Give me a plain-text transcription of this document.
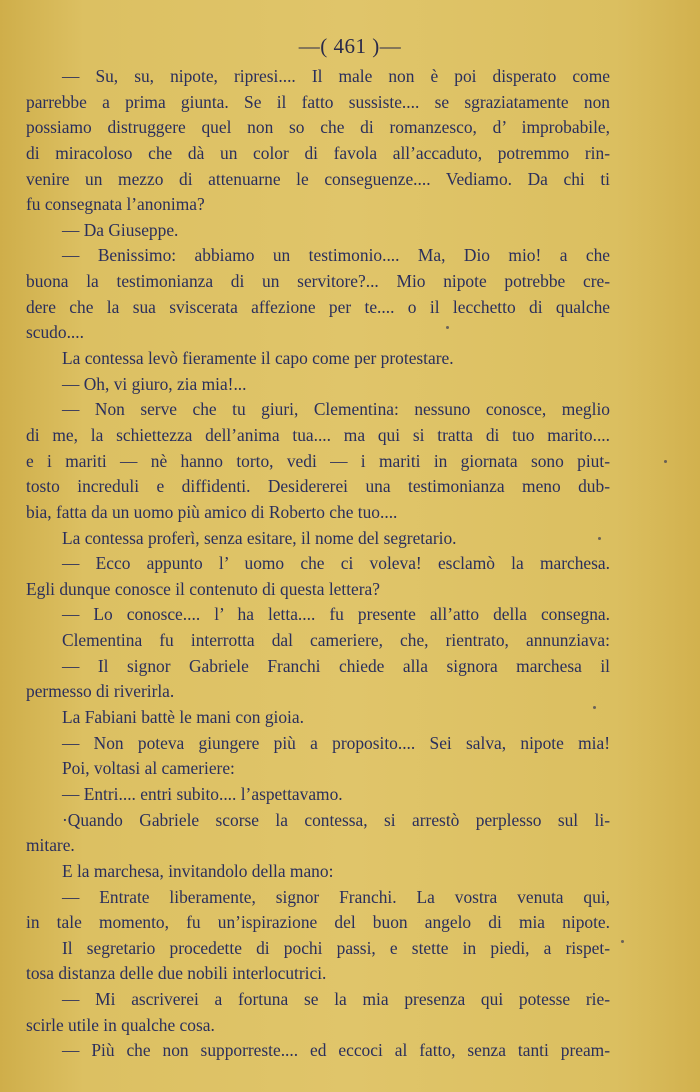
—( 461 )—
— Su, su, nipote, ripresi.... Il male non è poi disperato come
parrebbe a prima giunta. Se il fatto sussiste.... se sgraziatamente non
possiamo distruggere quel non so che di romanzesco, d’ improbabile,
di miracoloso che dà un color di favola all’accaduto, potremmo rin-
venire un mezzo di attenuarne le conseguenze.... Vediamo. Da chi ti
fu consegnata l’anonima?
— Da Giuseppe.
— Benissimo: abbiamo un testimonio.... Ma, Dio mio! a che
buona la testimonianza di un servitore?... Mio nipote potrebbe cre-
dere che la sua sviscerata affezione per te.... o il lecchetto di qualche
scudo....
La contessa levò fieramente il capo come per protestare.
— Oh, vi giuro, zia mia!...
— Non serve che tu giuri, Clementina: nessuno conosce, meglio
di me, la schiettezza dell’anima tua.... ma qui si tratta di tuo marito....
e i mariti — nè hanno torto, vedi — i mariti in giornata sono piut-
tosto increduli e diffidenti. Desidererei una testimonianza meno dub-
bia, fatta da un uomo più amico di Roberto che tuo....
La contessa proferì, senza esitare, il nome del segretario.
— Ecco appunto l’ uomo che ci voleva! esclamò la marchesa.
Egli dunque conosce il contenuto di questa lettera?
— Lo conosce.... l’ ha letta.... fu presente all’atto della consegna.
Clementina fu interrotta dal cameriere, che, rientrato, annunziava:
— Il signor Gabriele Franchi chiede alla signora marchesa il
permesso di riverirla.
La Fabiani battè le mani con gioia.
— Non poteva giungere più a proposito.... Sei salva, nipote mia!
Poi, voltasi al cameriere:
— Entri.... entri subito.... l’aspettavamo.
·Quando Gabriele scorse la contessa, si arrestò perplesso sul li-
mitare.
E la marchesa, invitandolo della mano:
— Entrate liberamente, signor Franchi. La vostra venuta qui,
in tale momento, fu un’ispirazione del buon angelo di mia nipote.
Il segretario procedette di pochi passi, e stette in piedi, a rispet-
tosa distanza delle due nobili interlocutrici.
— Mi ascriverei a fortuna se la mia presenza qui potesse rie-
scirle utile in qualche cosa.
— Più che non supporreste.... ed eccoci al fatto, senza tanti pream-
